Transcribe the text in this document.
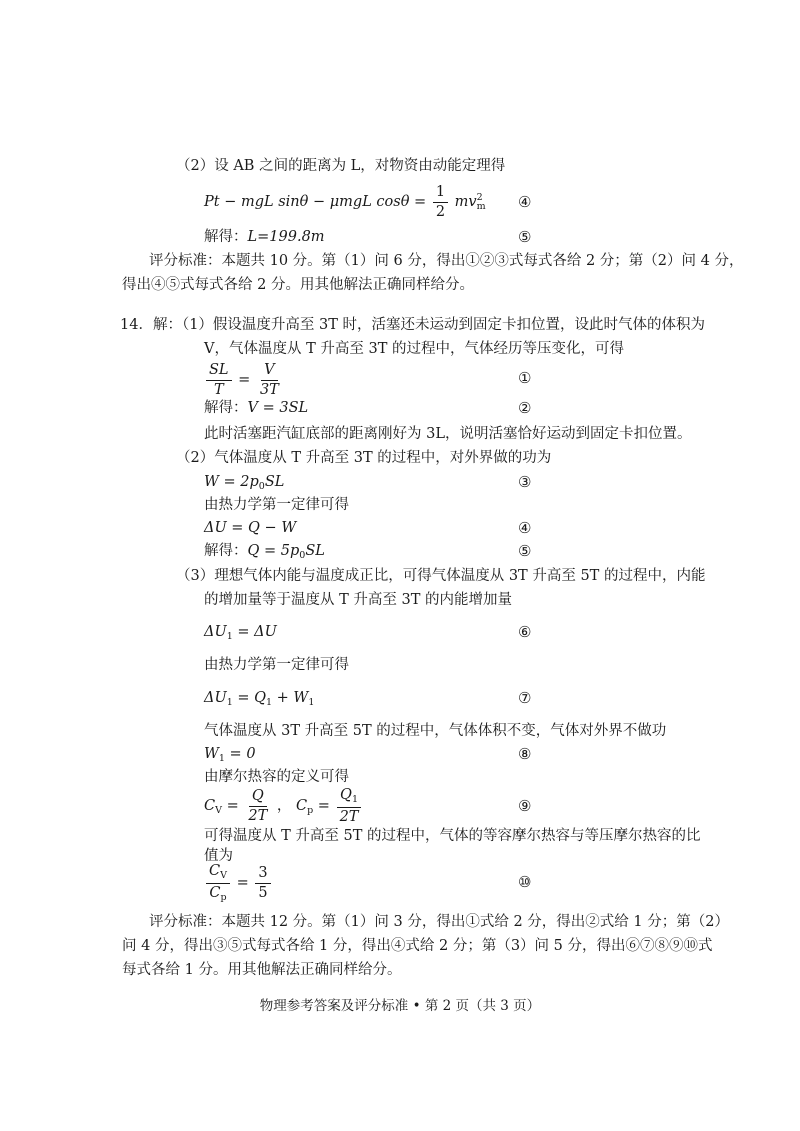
（2）设 AB 之间的距离为 L，对物资由动能定理得
Pt − mgL sinθ − μmgL $\cos\theta = \frac{1}{2}$ mv 2
m ④
解得：L=199.8m	⑤
评分标准：本题共 10 分。第（1）问 6 分，得出①②③式每式各给 2 分；第（2）问 4 分，
得出④⑤式每式各给 2 分。用其他解法正确同样给分。
14．解：（1）假设温度升高至 3T 时，活塞还未运动到固定卡扣位置，设此时气体的体积为
V，气体温度从 T 升高至 3T 的过程中，气体经历等压变化，可得
$\frac{SL}{T} = \frac{V}{3T}$	①
解得：V = 3SL	②
此时活塞距汽缸底部的距离刚好为 3L，说明活塞恰好运动到固定卡扣位置。
（2）气体温度从 T 升高至 3T 的过程中，对外界做的功为
$W = 2p_0SL$	③
由热力学第一定律可得
ΔU = Q − W	④
解得：$Q = 5p_0SL$	⑤
（3）理想气体内能与温度成正比，可得气体温度从 3T 升高至 5T 的过程中，内能
的增加量等于温度从 T 升高至 3T 的内能增加量
$\Delta U_1 = \Delta U$	⑥
由热力学第一定律可得
$\Delta U_1 = Q_1 + W_1$	⑦
气体温度从 3T 升高至 5T 的过程中，气体体积不变，气体对外界不做功
$W_1 = 0$	⑧
由摩尔热容的定义可得
$C_V = \frac{Q}{2T}$ ， $C_p = \frac{Q_1}{2T}$	⑨
可得温度从 T 升高至 5T 的过程中，气体的等容摩尔热容与等压摩尔热容的比
值为
$\frac{C_V}{C_p} = \frac{3}{5}$	⑩
评分标准：本题共 12 分。第（1）问 3 分，得出①式给 2 分，得出②式给 1 分；第（2）
问 4 分，得出③⑤式每式各给 1 分，得出④式给 2 分；第（3）问 5 分，得出⑥⑦⑧⑨⑩式
每式各给 1 分。用其他解法正确同样给分。
物理参考答案及评分标准 • 第 2 页（共 3 页）
